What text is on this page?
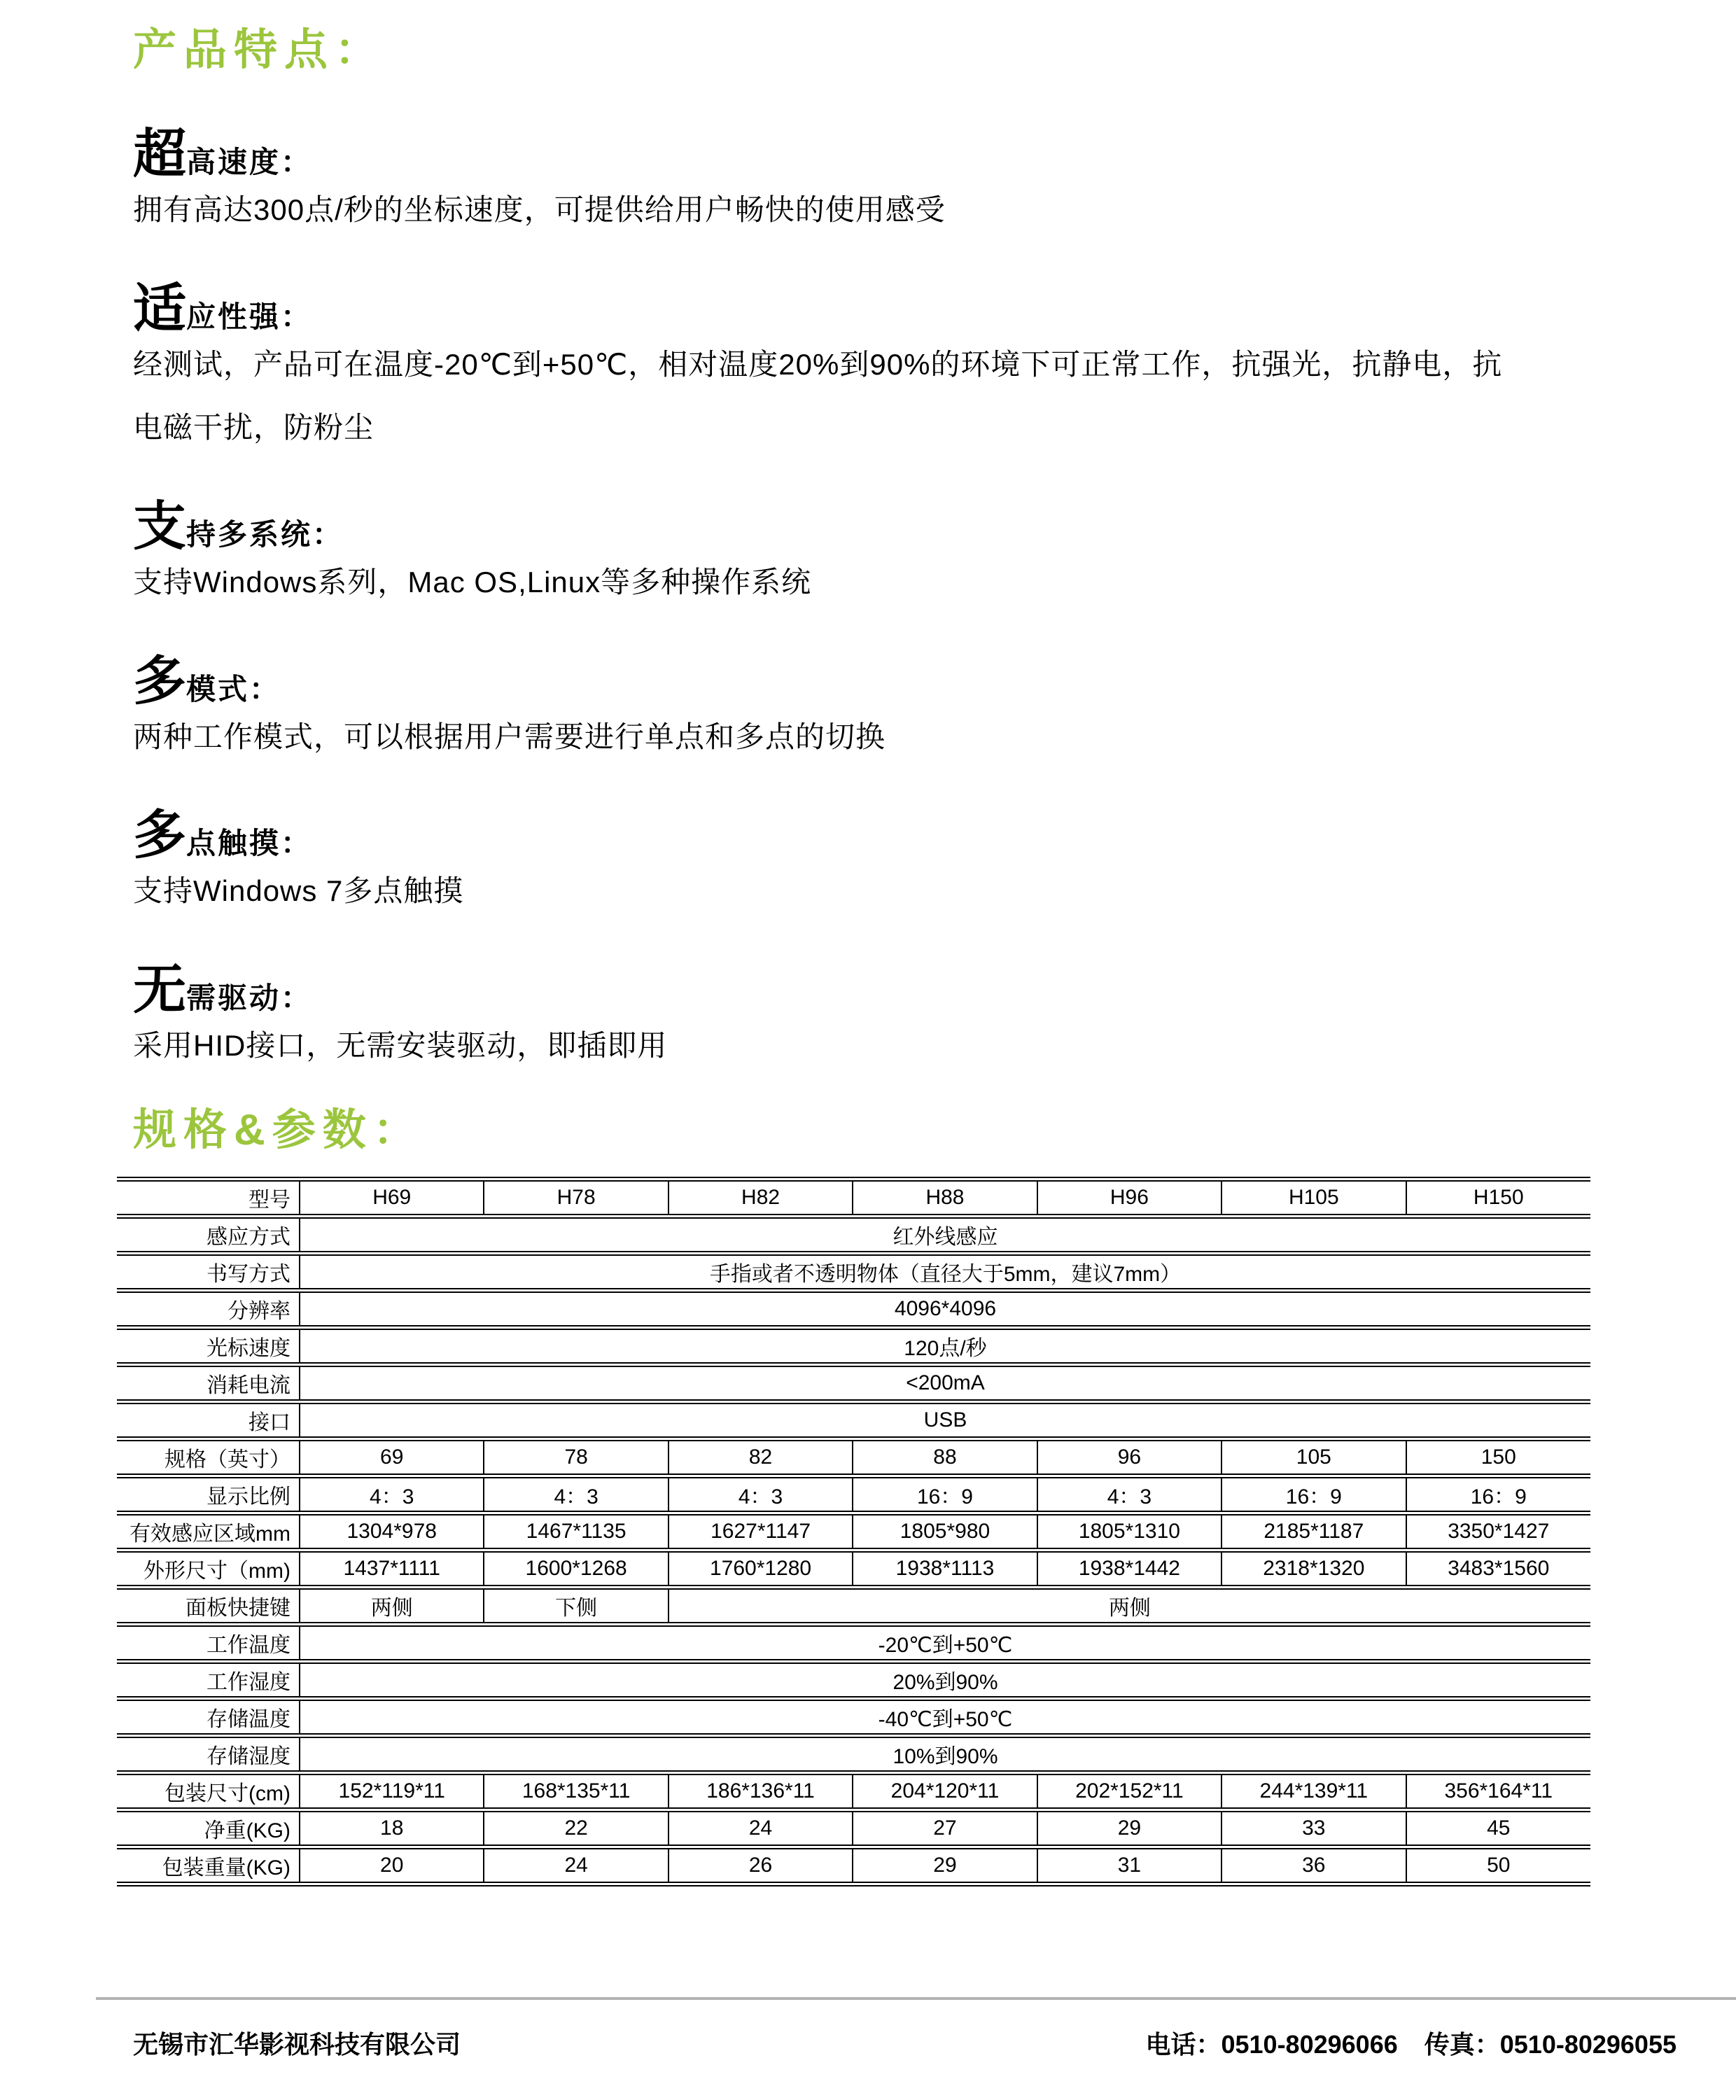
产品特点：
超高速度：
拥有高达300点/秒的坐标速度，可提供给用户畅快的使用感受
适应性强：
经测试，产品可在温度-20℃到+50℃，相对温度20%到90%的环境下可正常工作，抗强光，抗静电，抗
电磁干扰，防粉尘
支持多系统：
支持Windows系列，Mac OS,Linux等多种操作系统
多模式：
两种工作模式，可以根据用户需要进行单点和多点的切换
多点触摸：
支持Windows 7多点触摸
无需驱动：
采用HID接口，无需安装驱动，即插即用
规格&参数：
型号	H69	H78	H82	H88	H96	H105	H150
感应方式	红外线感应						
书写方式	手指或者不透明物体（直径大于5mm，建议7mm）						
分辨率	4096*4096						
光标速度	120点/秒						
消耗电流	<200mA						
接口	USB						
规格（英寸）	69	78	82	88	96	105	150
显示比例	4：3	4：3	4：3	16：9	4：3	16：9	16：9
有效感应区域mm	1304*978	1467*1135	1627*1147	1805*980	1805*1310	2185*1187	3350*1427
外形尺寸（mm)	1437*1111	1600*1268	1760*1280	1938*1113	1938*1442	2318*1320	3483*1560
面板快捷键	两侧	下侧	两侧				
工作温度	-20℃到+50℃						
工作湿度	20%到90%						
存储温度	-40℃到+50℃						
存储湿度	10%到90%						
包装尺寸(cm)	152*119*11	168*135*11	186*136*11	204*120*11	202*152*11	244*139*11	356*164*11
净重(KG)	18	22	24	27	29	33	45
包装重量(KG)	20	24	26	29	31	36	50
无锡市汇华影视科技有限公司	电话：0510-80296066 传真：0510-80296055
